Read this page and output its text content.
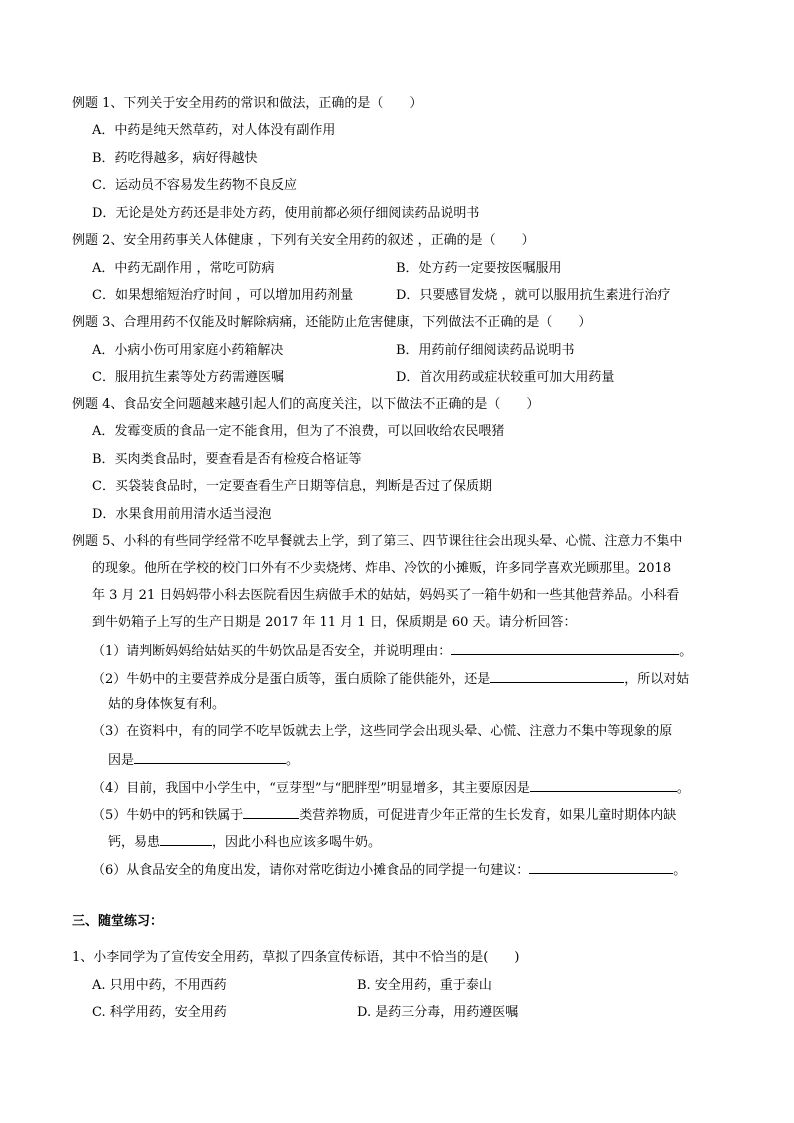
例题 1、下列关于安全用药的常识和做法，正确的是（　　）
A．中药是纯天然草药，对人体没有副作用
B．药吃得越多，病好得越快
C．运动员不容易发生药物不良反应
D．无论是处方药还是非处方药，使用前都必须仔细阅读药品说明书
例题 2、安全用药事关人体健康 ，下列有关安全用药的叙述 ，正确的是（　　）
A．中药无副作用 ，常吃可防病	B．处方药一定要按医嘱服用
C．如果想缩短治疗时间 ，可以增加用药剂量	D．只要感冒发烧 ，就可以服用抗生素进行治疗
例题 3、合理用药不仅能及时解除病痛，还能防止危害健康，下列做法不正确的是（　　）
A．小病小伤可用家庭小药箱解决	B．用药前仔细阅读药品说明书
C．服用抗生素等处方药需遵医嘱	D．首次用药或症状较重可加大用药量
例题 4、食品安全问题越来越引起人们的高度关注，以下做法不正确的是（　　）
A．发霉变质的食品一定不能食用，但为了不浪费，可以回收给农民喂猪
B．买肉类食品时，要查看是否有检疫合格证等
C．买袋装食品时，一定要查看生产日期等信息，判断是否过了保质期
D．水果食用前用清水适当浸泡
例题 5、小科的有些同学经常不吃早餐就去上学，到了第三、四节课往往会出现头晕、心慌、注意力不集中
的现象。他所在学校的校门口外有不少卖烧烤、炸串、冷饮的小摊贩，许多同学喜欢光顾那里。2018
年 3 月 21 日妈妈带小科去医院看因生病做手术的姑姑，妈妈买了一箱牛奶和一些其他营养品。小科看
到牛奶箱子上写的生产日期是 2017 年 11 月 1 日，保质期是 60 天。请分析回答：
（1）请判断妈妈给姑姑买的牛奶饮品是否安全，并说明理由：	。
（2）牛奶中的主要营养成分是蛋白质等，蛋白质除了能供能外，还是	，所以对姑
姑的身体恢复有利。
（3）在资料中，有的同学不吃早饭就去上学，这些同学会出现头晕、心慌、注意力不集中等现象的原
因是	。
（4）目前，我国中小学生中，“豆芽型”与“肥胖型”明显增多，其主要原因是	。
（5）牛奶中的钙和铁属于	类营养物质，可促进青少年正常的生长发育，如果儿童时期体内缺
钙，易患	，因此小科也应该多喝牛奶。
（6）从食品安全的角度出发，请你对常吃街边小摊食品的同学提一句建议：	。
三、随堂练习：
1、小李同学为了宣传安全用药，草拟了四条宣传标语，其中不恰当的是(　　)
A. 只用中药，不用西药	B. 安全用药，重于泰山
C. 科学用药，安全用药	D. 是药三分毒，用药遵医嘱
